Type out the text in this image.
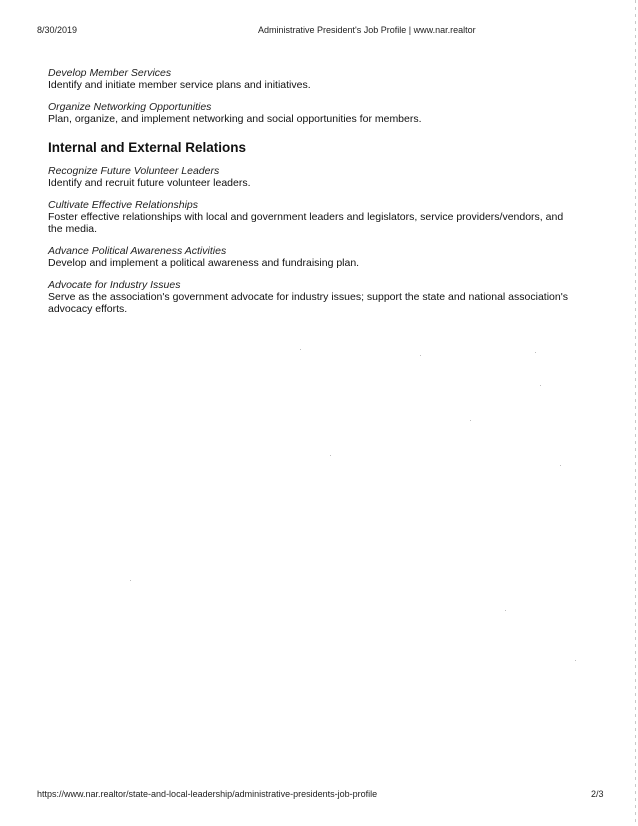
8/30/2019	Administrative President's Job Profile | www.nar.realtor
Develop Member Services
Identify and initiate member service plans and initiatives.
Organize Networking Opportunities
Plan, organize, and implement networking and social opportunities for members.
Internal and External Relations
Recognize Future Volunteer Leaders
Identify and recruit future volunteer leaders.
Cultivate Effective Relationships
Foster effective relationships with local and government leaders and legislators, service providers/vendors, and the media.
Advance Political Awareness Activities
Develop and implement a political awareness and fundraising plan.
Advocate for Industry Issues
Serve as the association's government advocate for industry issues; support the state and national association's advocacy efforts.
https://www.nar.realtor/state-and-local-leadership/administrative-presidents-job-profile	2/3
